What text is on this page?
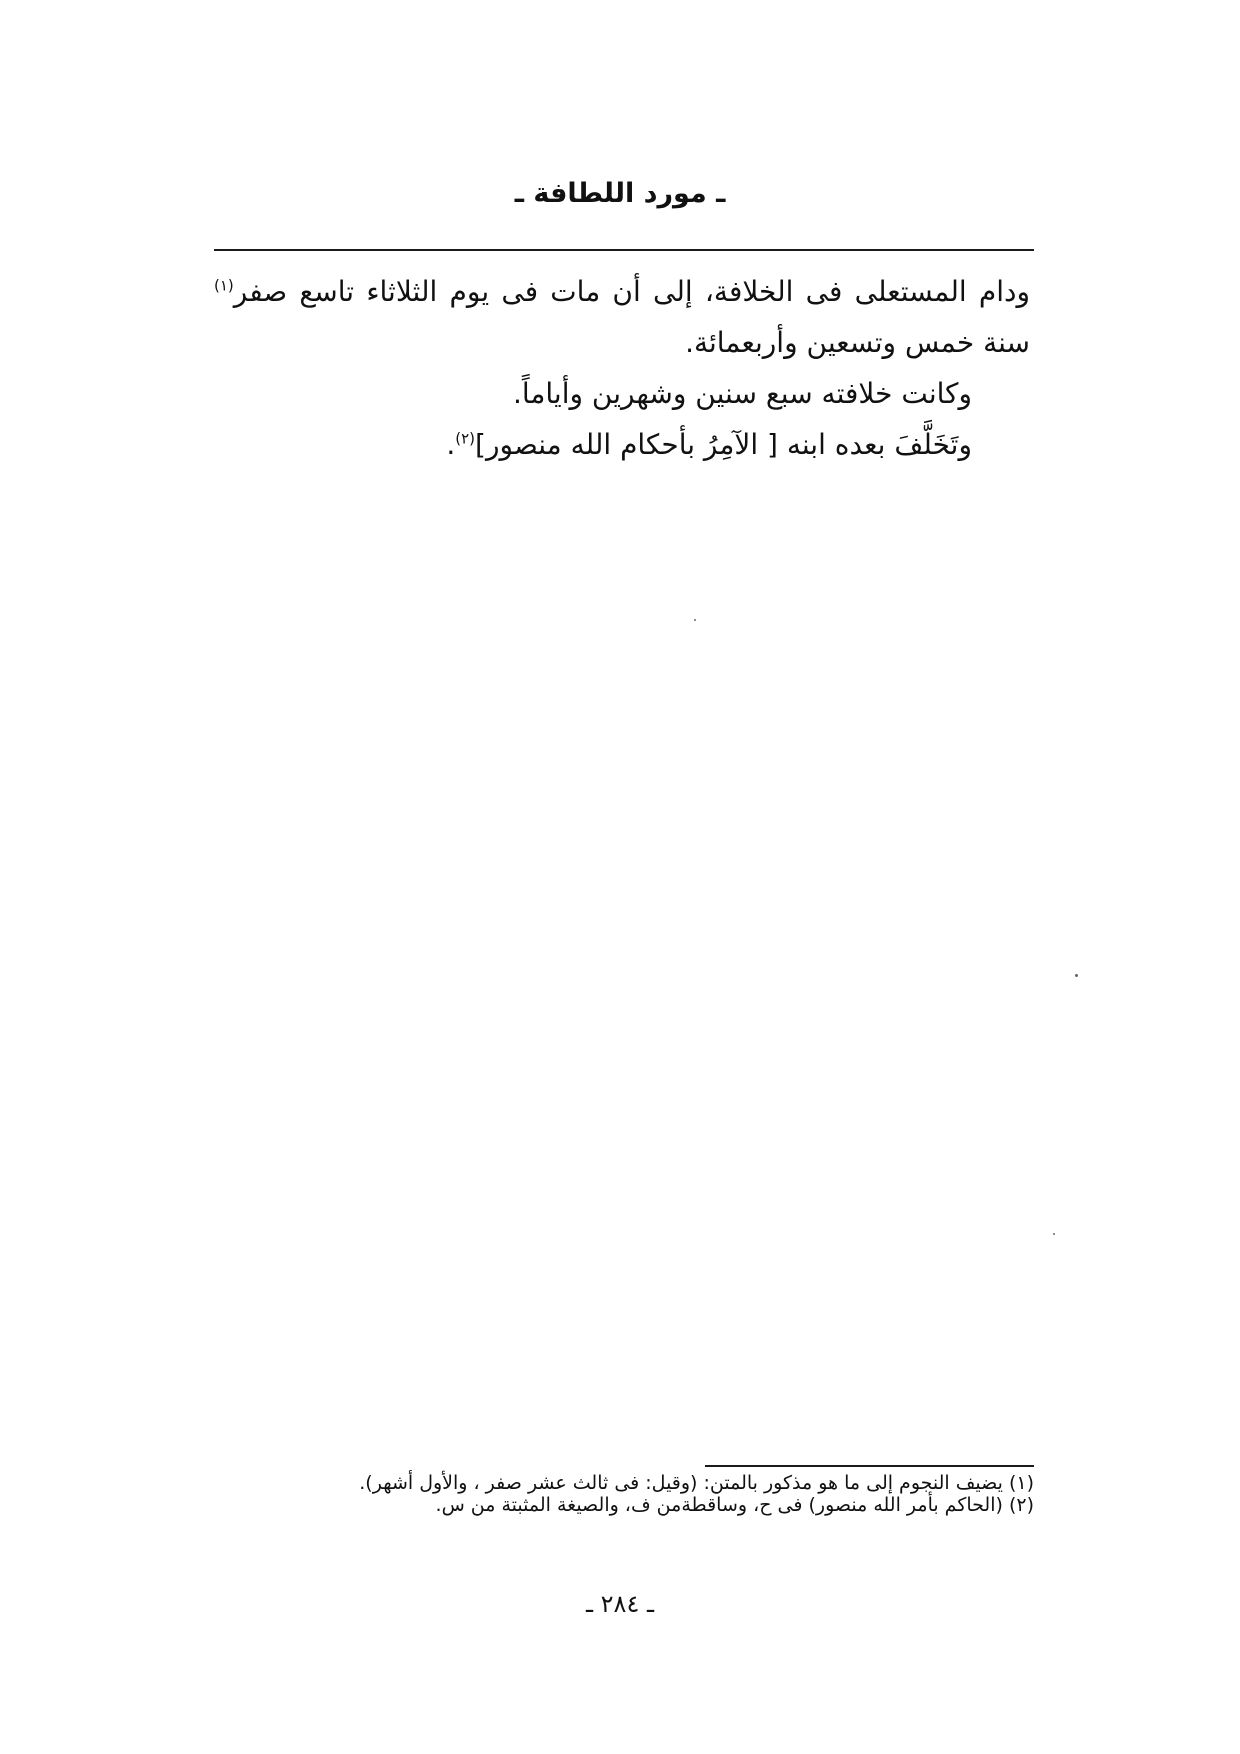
ـ مورد اللطافة ـ

ودام المستعلى فى الخلافة، إلى أن مات فى يوم الثلاثاء تاسع صفر$^{(١)}$ سنة خمس وتسعين وأربعمائة.

وكانت خلافته سبع سنين وشهرين وأياماً.

وتَخَلَّفَ بعده ابنه [ الآمِرُ بأحكام الله منصور]$^{(٢)}$.

(١) يضيف النجوم إلى ما هو مذكور بالمتن: (وقيل: فى ثالث عشر صفر ، والأول أشهر).

(٢) (الحاكم بأمر الله منصور) فى ح، وساقطةمن ف، والصيغة المثبتة من س.

ـ ٢٨٤ ـ
